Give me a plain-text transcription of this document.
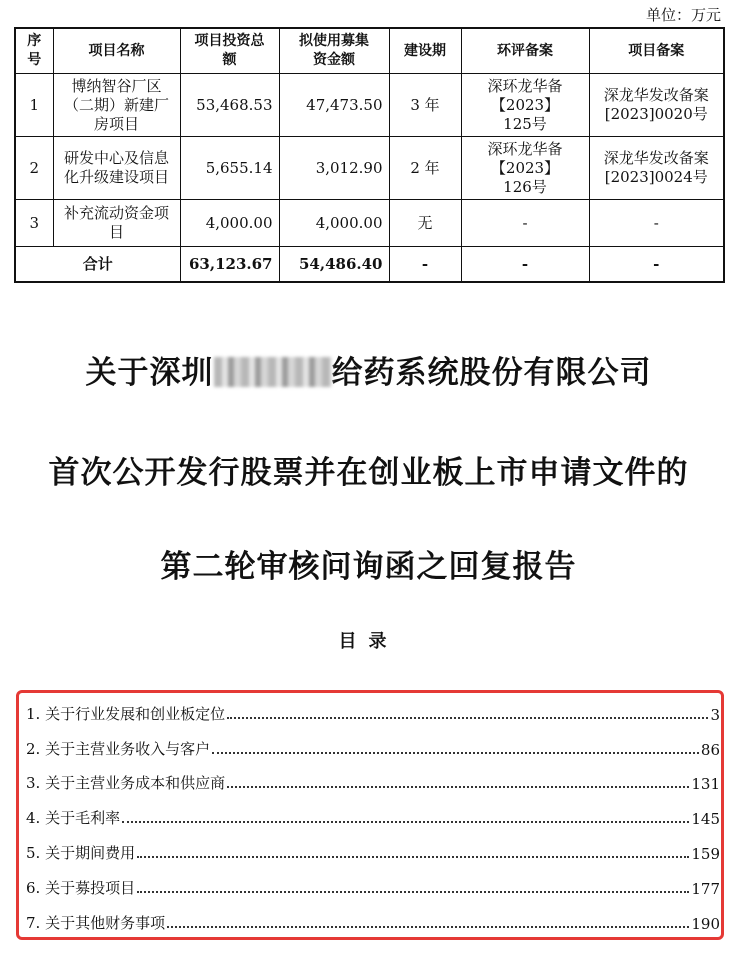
单位：万元
序号	项目名称	项目投资总额	拟使用募集资金额	建设期	环评备案	项目备案
1	博纳智谷厂区（二期）新建厂房项目	53,468.53	47,473.50	3 年	深环龙华备【2023】125号	深龙华发改备案[2023]0020号
2	研发中心及信息化升级建设项目	5,655.14	3,012.90	2 年	深环龙华备【2023】126号	深龙华发改备案[2023]0024号
3	补充流动资金项目	4,000.00	4,000.00	无	-	-
合计		63,123.67	54,486.40	-	-	-
关于深圳	给药系统股份有限公司
首次公开发行股票并在创业板上市申请文件的
第二轮审核问询函之回复报告
目录
1. 关于行业发展和创业板定位	3
2. 关于主营业务收入与客户	86
3. 关于主营业务成本和供应商	131
4. 关于毛利率	145
5. 关于期间费用	159
6. 关于募投项目	177
7. 关于其他财务事项	190
